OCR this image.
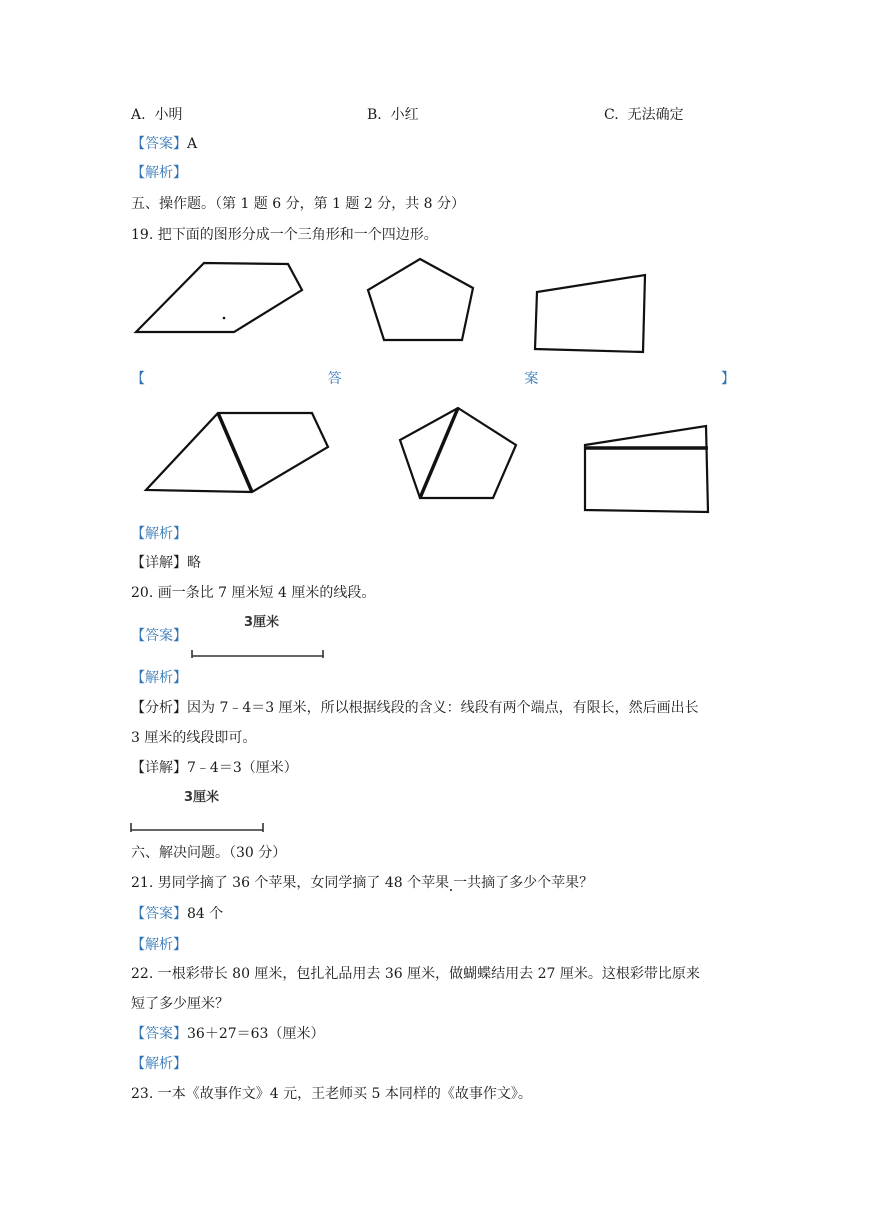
A. 小明	B. 小红	C. 无法确定
【答案】A
【解析】
五、操作题。（第 1 题 6 分，第 1 题 2 分，共 8 分）
19. 把下面的图形分成一个三角形和一个四边形。
【	答	案	】
【解析】
【详解】略
20. 画一条比 7 厘米短 4 厘米的线段。
【答案】
3厘米
【解析】
【分析】因为 7﹣4＝3 厘米，所以根据线段的含义：线段有两个端点，有限长，然后画出长
3 厘米的线段即可。
【详解】7﹣4＝3（厘米）
3厘米
六、解决问题。（30 分）
21. 男同学摘了 36 个苹果，女同学摘了 48 个苹果 一共摘了多少个苹果？
【答案】84 个
【解析】
22. 一根彩带长 80 厘米，包扎礼品用去 36 厘米，做蝴蝶结用去 27 厘米。这根彩带比原来
短了多少厘米？
【答案】36＋27＝63（厘米）
【解析】
23. 一本《故事作文》4 元，王老师买 5 本同样的《故事作文》。
